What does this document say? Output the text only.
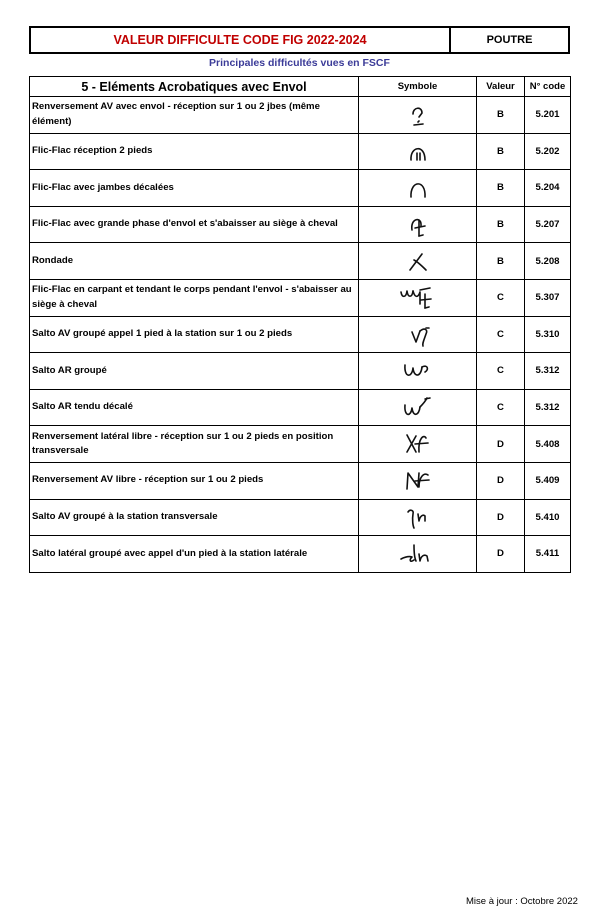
VALEUR DIFFICULTE CODE FIG 2022-2024	POUTRE
Principales difficultés vues en FSCF
5 - Eléments Acrobatiques avec Envol	Symbole	Valeur	N° code
Renversement AV avec envol - réception sur 1 ou 2 jbes (même élément)		B	5.201
Flic-Flac réception 2 pieds		B	5.202
Flic-Flac avec jambes décalées		B	5.204
Flic-Flac avec grande phase d'envol et s'abaisser au siège à cheval		B	5.207
Rondade		B	5.208
Flic-Flac en carpant et tendant le corps pendant l'envol - s'abaisser au siège à cheval		C	5.307
Salto AV groupé appel 1 pied à la station sur 1 ou 2 pieds		C	5.310
Salto AR groupé		C	5.312
Salto AR tendu décalé		C	5.312
Renversement latéral libre - réception sur 1 ou 2 pieds en position transversale		D	5.408
Renversement AV libre - réception sur 1 ou 2 pieds		D	5.409
Salto AV groupé à la station transversale		D	5.410
Salto latéral groupé avec appel d'un pied à la station latérale		D	5.411
Mise à jour : Octobre 2022
